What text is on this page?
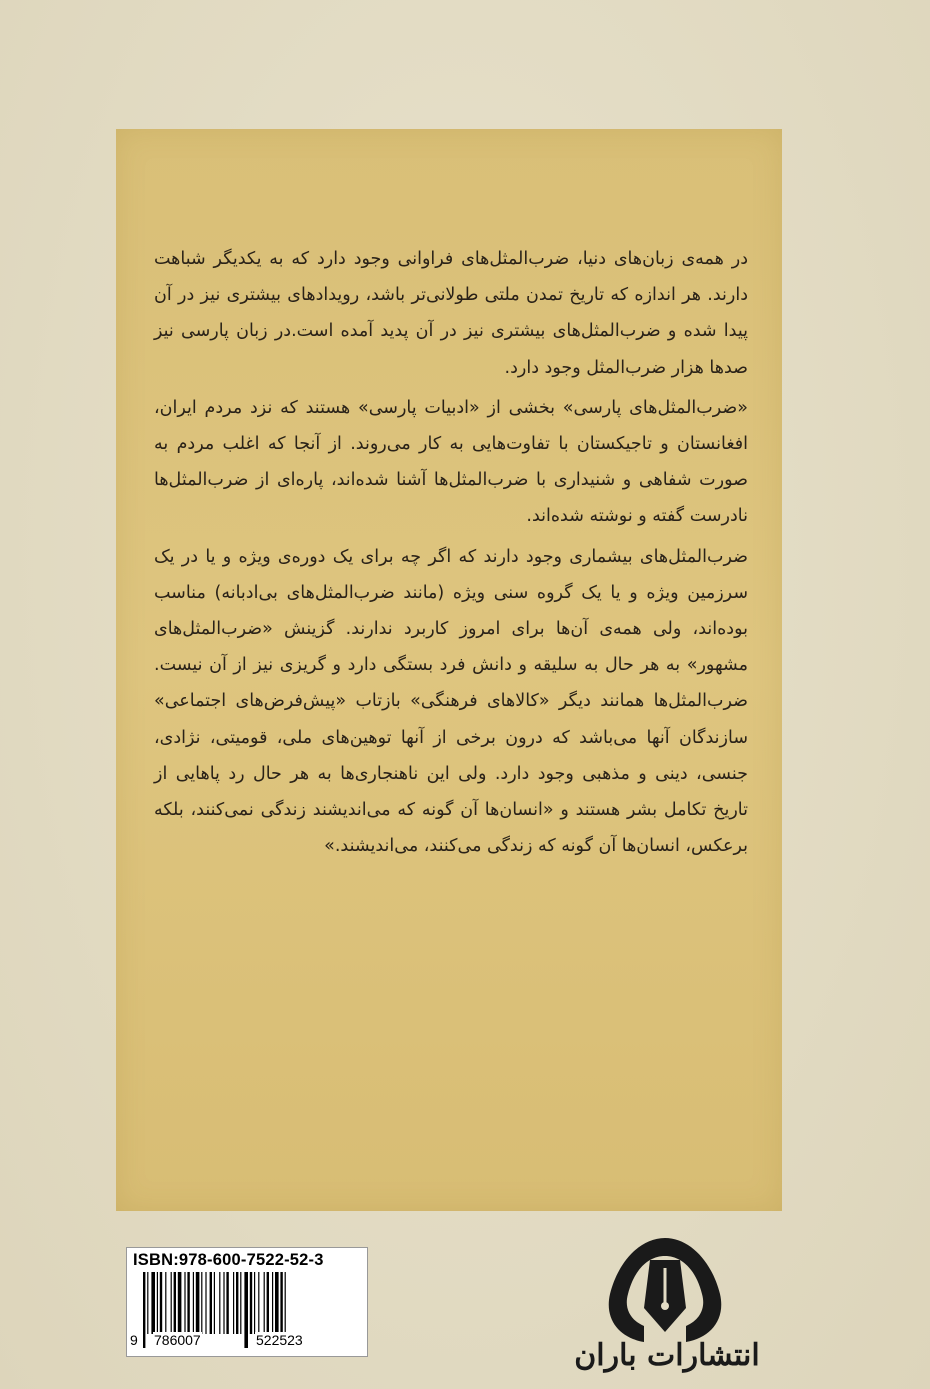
در همه‌ی زبان‌های دنیا، ضرب‌المثل‌های فراوانی وجود دارد که به یکدیگر شباهت دارند. هر اندازه که تاریخ تمدن ملتی طولانی‌تر باشد، رویدادهای بیشتری نیز در آن پیدا شده و ضرب‌المثل‌های بیشتری نیز در آن پدید آمده است.در زبان پارسی نیز صدها هزار ضرب‌المثل وجود دارد.

«ضرب‌المثل‌های پارسی» بخشی از «ادبیات پارسی» هستند که نزد مردم ایران، افغانستان و تاجیکستان با تفاوت‌هایی به کار می‌روند. از آنجا که اغلب مردم به صورت شفاهی و شنیداری با ضرب‌المثل‌ها آشنا شده‌اند، پاره‌ای از ضرب‌المثل‌ها نادرست گفته و نوشته شده‌اند.

ضرب‌المثل‌های بیشماری وجود دارند که اگر چه برای یک دوره‌ی ویژه و یا در یک سرزمین ویژه و یا یک گروه سنی ویژه (مانند ضرب‌المثل‌های بی‌ادبانه) مناسب بوده‌اند، ولی همه‌ی آن‌ها برای امروز کاربرد ندارند. گزینش «ضرب‌المثل‌های مشهور» به هر حال به سلیقه و دانش فرد بستگی دارد و گریزی نیز از آن نیست. ضرب‌المثل‌ها همانند دیگر «کالاهای فرهنگی» بازتاب «پیش‌فرض‌های اجتماعی» سازندگان آنها می‌باشد که درون برخی از آنها توهین‌های ملی، قومیتی، نژادی، جنسی، دینی و مذهبی وجود دارد. ولی این ناهنجاری‌ها به هر حال رد پاهایی از تاریخ تکامل بشر هستند و «انسان‌ها آن گونه که می‌اندیشند زندگی نمی‌کنند، بلکه برعکس، انسان‌ها آن گونه که زندگی می‌کنند، می‌اندیشند.»

ISBN:978-600-7522-52-3
9 786007	522523	انتشارات باران
